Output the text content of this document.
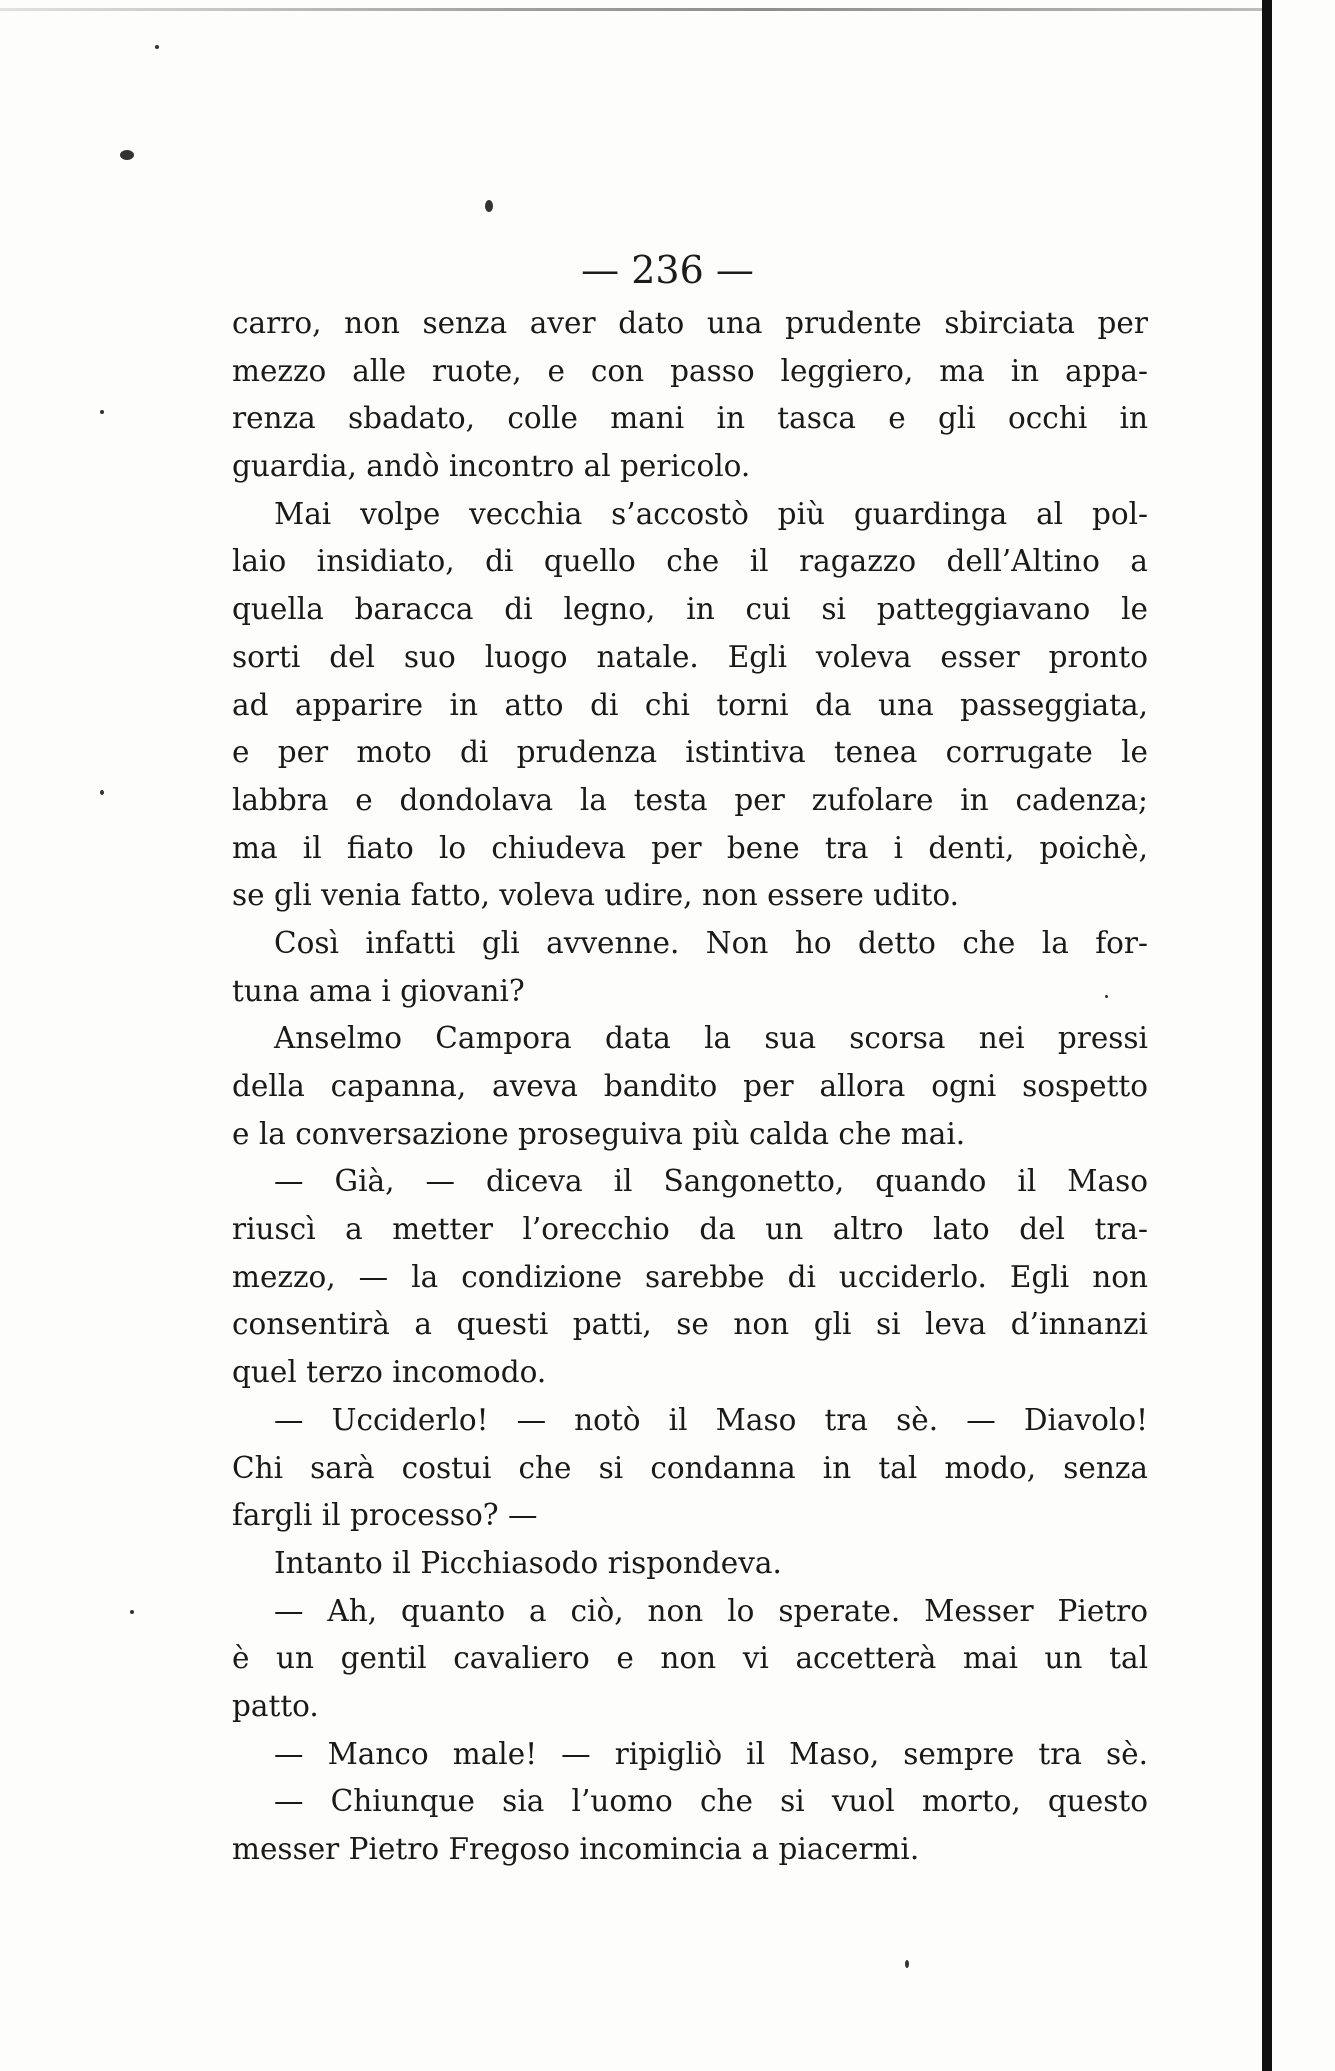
— 236 —
carro, non senza aver dato una prudente sbirciata per
mezzo alle ruote, e con passo leggiero, ma in appa-
renza sbadato, colle mani in tasca e gli occhi in
guardia, andò incontro al pericolo.
Mai volpe vecchia s’accostò più guardinga al pol-
laio insidiato, di quello che il ragazzo dell’Altino a
quella baracca di legno, in cui si patteggiavano le
sorti del suo luogo natale. Egli voleva esser pronto
ad apparire in atto di chi torni da una passeggiata,
e per moto di prudenza istintiva tenea corrugate le
labbra e dondolava la testa per zufolare in cadenza;
ma il fiato lo chiudeva per bene tra i denti, poichè,
se gli venia fatto, voleva udire, non essere udito.
Così infatti gli avvenne. Non ho detto che la for-
tuna ama i giovani?
Anselmo Campora data la sua scorsa nei pressi
della capanna, aveva bandito per allora ogni sospetto
e la conversazione proseguiva più calda che mai.
— Già, — diceva il Sangonetto, quando il Maso
riuscì a metter l’orecchio da un altro lato del tra-
mezzo, — la condizione sarebbe di ucciderlo. Egli non
consentirà a questi patti, se non gli si leva d’innanzi
quel terzo incomodo.
— Ucciderlo! — notò il Maso tra sè. — Diavolo!
Chi sarà costui che si condanna in tal modo, senza
fargli il processo? —
Intanto il Picchiasodo rispondeva.
— Ah, quanto a ciò, non lo sperate. Messer Pietro
è un gentil cavaliero e non vi accetterà mai un tal
patto.
— Manco male! — ripigliò il Maso, sempre tra sè.
— Chiunque sia l’uomo che si vuol morto, questo
messer Pietro Fregoso incomincia a piacermi.
